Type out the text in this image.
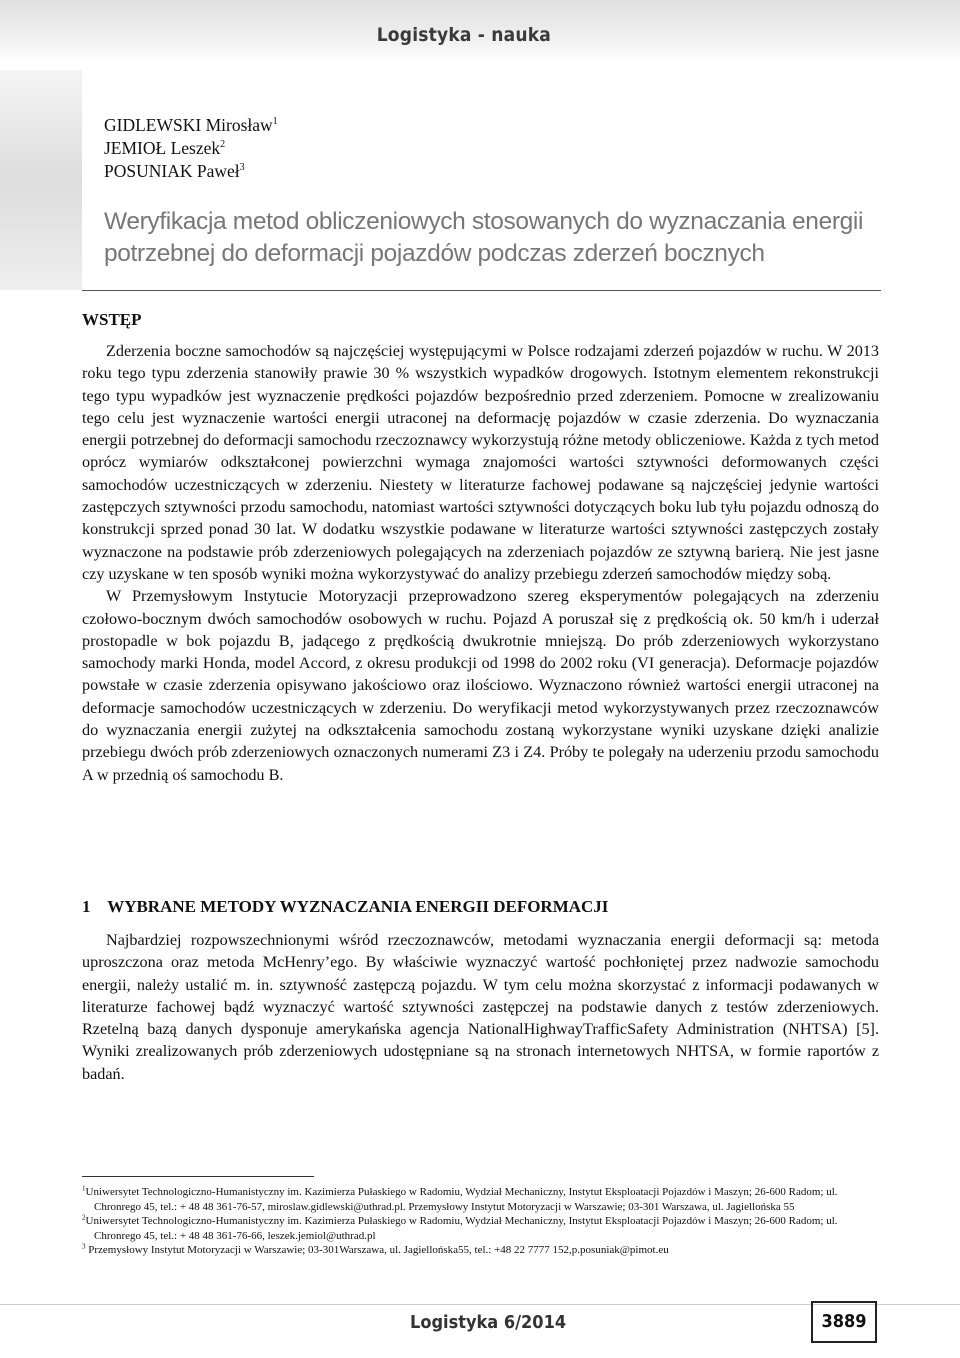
Logistyka - nauka
GIDLEWSKI Mirosław$^1$
JEMIOŁ Leszek$^2$
POSUNIAK Paweł$^3$
Weryfikacja metod obliczeniowych stosowanych do wyznaczania energii potrzebnej do deformacji pojazdów podczas zderzeń bocznych
WSTĘP

Zderzenia boczne samochodów są najczęściej występującymi w Polsce rodzajami zderzeń pojazdów w ruchu. W 2013 roku tego typu zderzenia stanowiły prawie 30 % wszystkich wypadków drogowych. Istotnym elementem rekonstrukcji tego typu wypadków jest wyznaczenie prędkości pojazdów bezpośrednio przed zderzeniem. Pomocne w zrealizowaniu tego celu jest wyznaczenie wartości energii utraconej na deformację pojazdów w czasie zderzenia. Do wyznaczania energii potrzebnej do deformacji samochodu rzeczoznawcy wykorzystują różne metody obliczeniowe. Każda z tych metod oprócz wymiarów odkształconej powierzchni wymaga znajomości wartości sztywności deformowanych części samochodów uczestniczących w zderzeniu. Niestety w literaturze fachowej podawane są najczęściej jedynie wartości zastępczych sztywności przodu samochodu, natomiast wartości sztywności dotyczących boku lub tyłu pojazdu odnoszą do konstrukcji sprzed ponad 30 lat. W dodatku wszystkie podawane w literaturze wartości sztywności zastępczych zostały wyznaczone na podstawie prób zderzeniowych polegających na zderzeniach pojazdów ze sztywną barierą. Nie jest jasne czy uzyskane w ten sposób wyniki można wykorzystywać do analizy przebiegu zderzeń samochodów między sobą.

W Przemysłowym Instytucie Motoryzacji przeprowadzono szereg eksperymentów polegających na zderzeniu czołowo-bocznym dwóch samochodów osobowych w ruchu. Pojazd A poruszał się z prędkością ok. 50 km/h i uderzał prostopadle w bok pojazdu B, jadącego z prędkością dwukrotnie mniejszą. Do prób zderzeniowych wykorzystano samochody marki Honda, model Accord, z okresu produkcji od 1998 do 2002 roku (VI generacja). Deformacje pojazdów powstałe w czasie zderzenia opisywano jakościowo oraz ilościowo. Wyznaczono również wartości energii utraconej na deformacje samochodów uczestniczących w zderzeniu. Do weryfikacji metod wykorzystywanych przez rzeczoznawców do wyznaczania energii zużytej na odkształcenia samochodu zostaną wykorzystane wyniki uzyskane dzięki analizie przebiegu dwóch prób zderzeniowych oznaczonych numerami Z3 i Z4. Próby te polegały na uderzeniu przodu samochodu A w przednią oś samochodu B.

1    WYBRANE METODY WYZNACZANIA ENERGII DEFORMACJI

Najbardziej rozpowszechnionymi wśród rzeczoznawców, metodami wyznaczania energii deformacji są: metoda uproszczona oraz metoda McHenry’ego. By właściwie wyznaczyć wartość pochłoniętej przez nadwozie samochodu energii, należy ustalić m. in. sztywność zastępczą pojazdu. W tym celu można skorzystać z informacji podawanych w literaturze fachowej bądź wyznaczyć wartość sztywności zastępczej na podstawie danych z testów zderzeniowych. Rzetelną bazą danych dysponuje amerykańska agencja NationalHighwayTrafficSafety Administration (NHTSA) [5]. Wyniki zrealizowanych prób zderzeniowych udostępniane są na stronach internetowych NHTSA, w formie raportów z badań.

$^1$Uniwersytet Technologiczno-Humanistyczny im. Kazimierza Pułaskiego w Radomiu, Wydział Mechaniczny, Instytut Eksploatacji Pojazdów i Maszyn; 26-600 Radom; ul. Chronrego 45, tel.: + 48 48 361-76-57, miroslaw.gidlewski@uthrad.pl. Przemysłowy Instytut Motoryzacji w Warszawie; 03-301 Warszawa, ul. Jagiellońska 55

$^2$Uniwersytet Technologiczno-Humanistyczny im. Kazimierza Pułaskiego w Radomiu, Wydział Mechaniczny, Instytut Eksploatacji Pojazdów i Maszyn; 26-600 Radom; ul. Chronrego 45, tel.: + 48 48 361-76-66, leszek.jemiol@uthrad.pl

$^3$ Przemysłowy Instytut Motoryzacji w Warszawie; 03-301Warszawa, ul. Jagiellońska55, tel.: +48 22 7777 152,p.posuniak@pimot.eu

Logistyka 6/2014	3889
